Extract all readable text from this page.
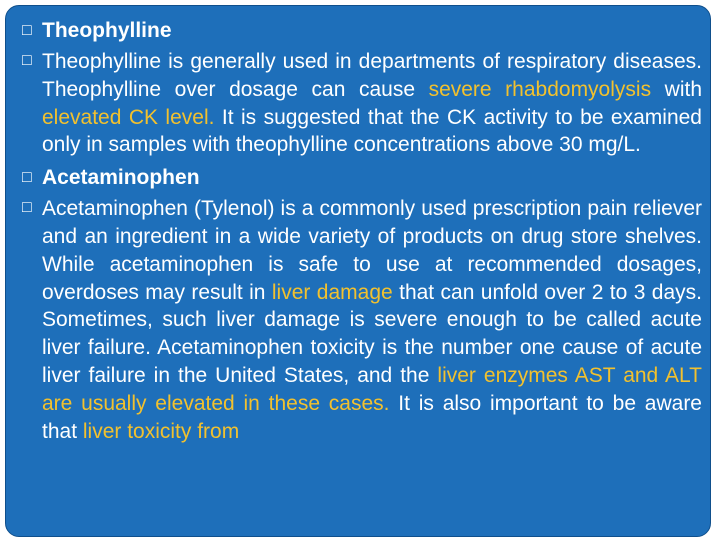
□ Theophylline
□ Theophylline is generally used in departments of respiratory diseases. Theophylline over dosage can cause severe rhabdomyolysis with elevated CK level. It is suggested that the CK activity to be examined only in samples with theophylline concentrations above 30 mg/L.
□ Acetaminophen
□ Acetaminophen (Tylenol) is a commonly used prescription pain reliever and an ingredient in a wide variety of products on drug store shelves. While acetaminophen is safe to use at recommended dosages, overdoses may result in liver damage that can unfold over 2 to 3 days. Sometimes, such liver damage is severe enough to be called acute liver failure. Acetaminophen toxicity is the number one cause of acute liver failure in the United States, and the liver enzymes AST and ALT are usually elevated in these cases. It is also important to be aware that liver toxicity from
